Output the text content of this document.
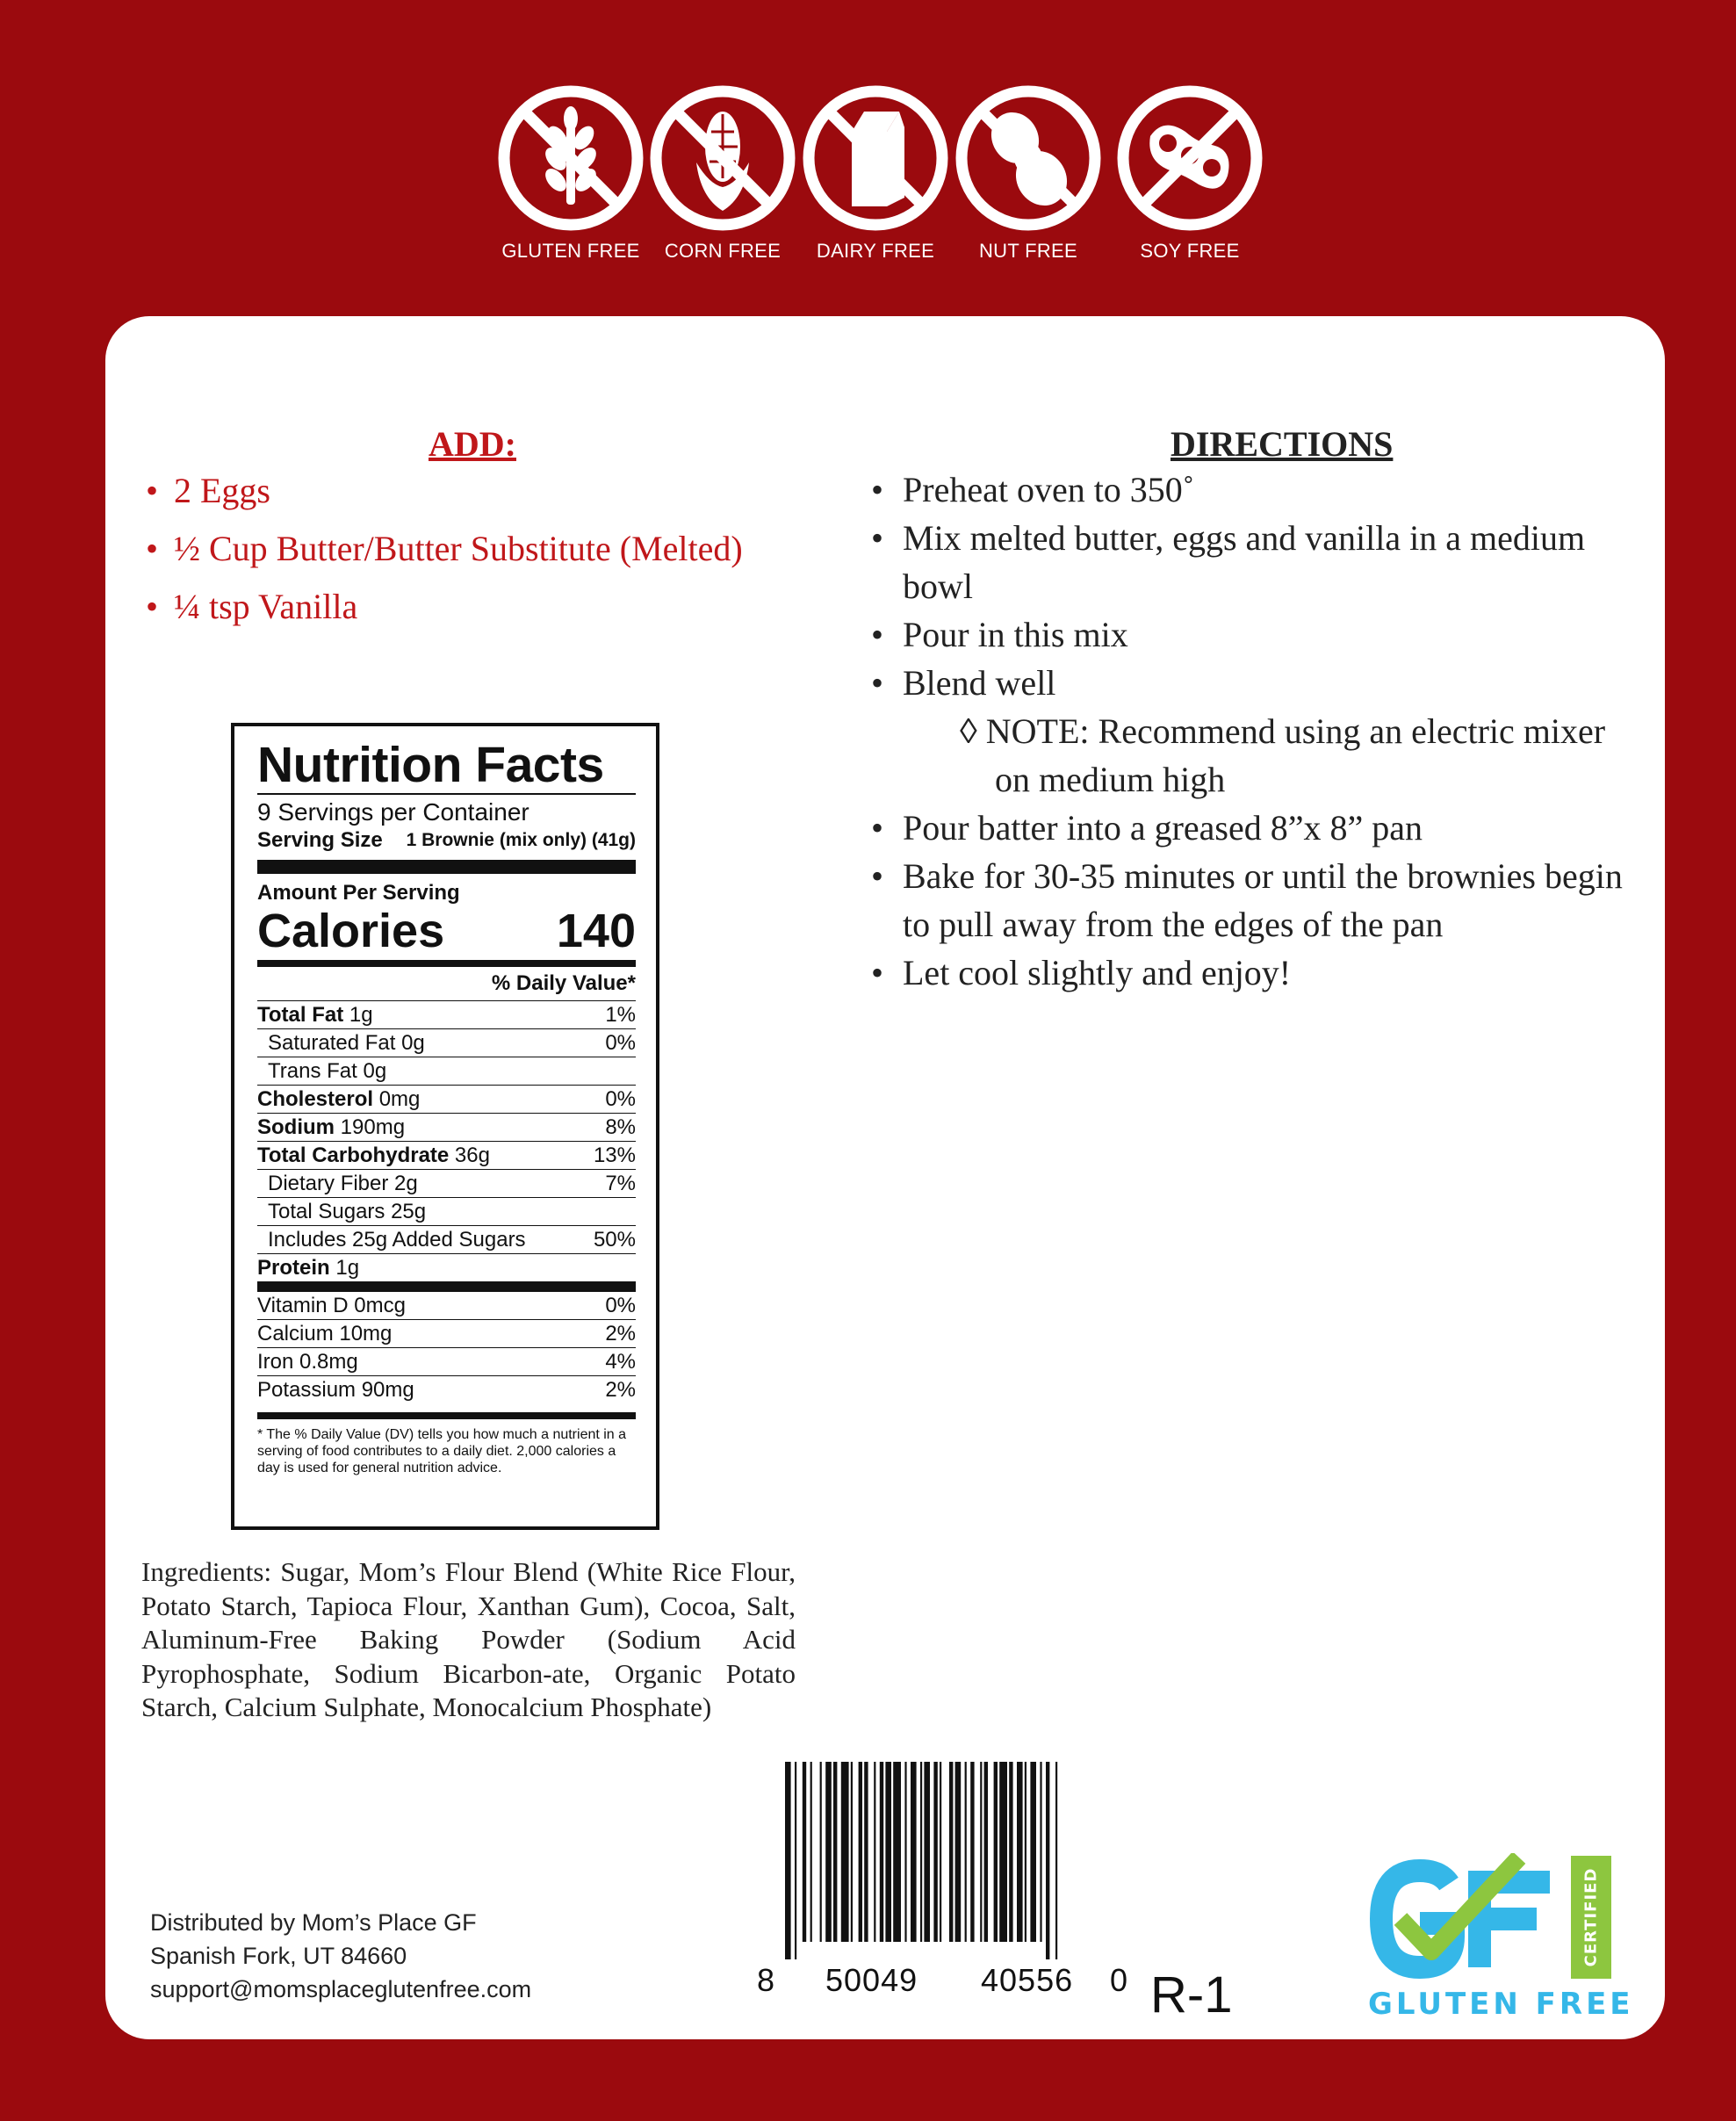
GLUTEN FREE	CORN FREE	DAIRY FREE	NUT FREE	SOY FREE
ADD:
• 2 Eggs
• ½ Cup Butter/Butter Substitute (Melted)
• ¼ tsp Vanilla
DIRECTIONS
• Preheat oven to 350˚
• Mix melted butter, eggs and vanilla in a medium bowl
• Pour in this mix
• Blend well
◊ NOTE: Recommend using an electric mixer on medium high
• Pour batter into a greased 8”x 8” pan
• Bake for 30-35 minutes or until the brownies begin to pull away from the edges of the pan
• Let cool slightly and enjoy!
Nutrition Facts
9 Servings per Container
Serving Size 1 Brownie (mix only) (41g)
Amount Per Serving
Calories 140
% Daily Value*
Total Fat 1g	1%
Saturated Fat 0g	0%
Trans Fat 0g
Cholesterol 0mg	0%
Sodium 190mg	8%
Total Carbohydrate 36g	13%
Dietary Fiber 2g	7%
Total Sugars 25g
Includes 25g Added Sugars	50%
Protein 1g
Vitamin D 0mcg	0%
Calcium 10mg	2%
Iron 0.8mg	4%
Potassium 90mg	2%
* The % Daily Value (DV) tells you how much a nutrient in a serving of food contributes to a daily diet. 2,000 calories a day is used for general nutrition advice.
Ingredients: Sugar, Mom’s Flour Blend (White Rice Flour, Potato Starch, Tapioca Flour, Xanthan Gum), Cocoa, Salt, Aluminum-Free Baking Powder (Sodium Acid Pyrophosphate, Sodium Bicarbon-ate, Organic Potato Starch, Calcium Sulphate, Monocalcium Phosphate)
Distributed by Mom’s Place GF
Spanish Fork, UT 84660
support@momsplaceglutenfree.com	8 50049 40556 0 R-1
CERTIFIED
GLUTEN FREE
